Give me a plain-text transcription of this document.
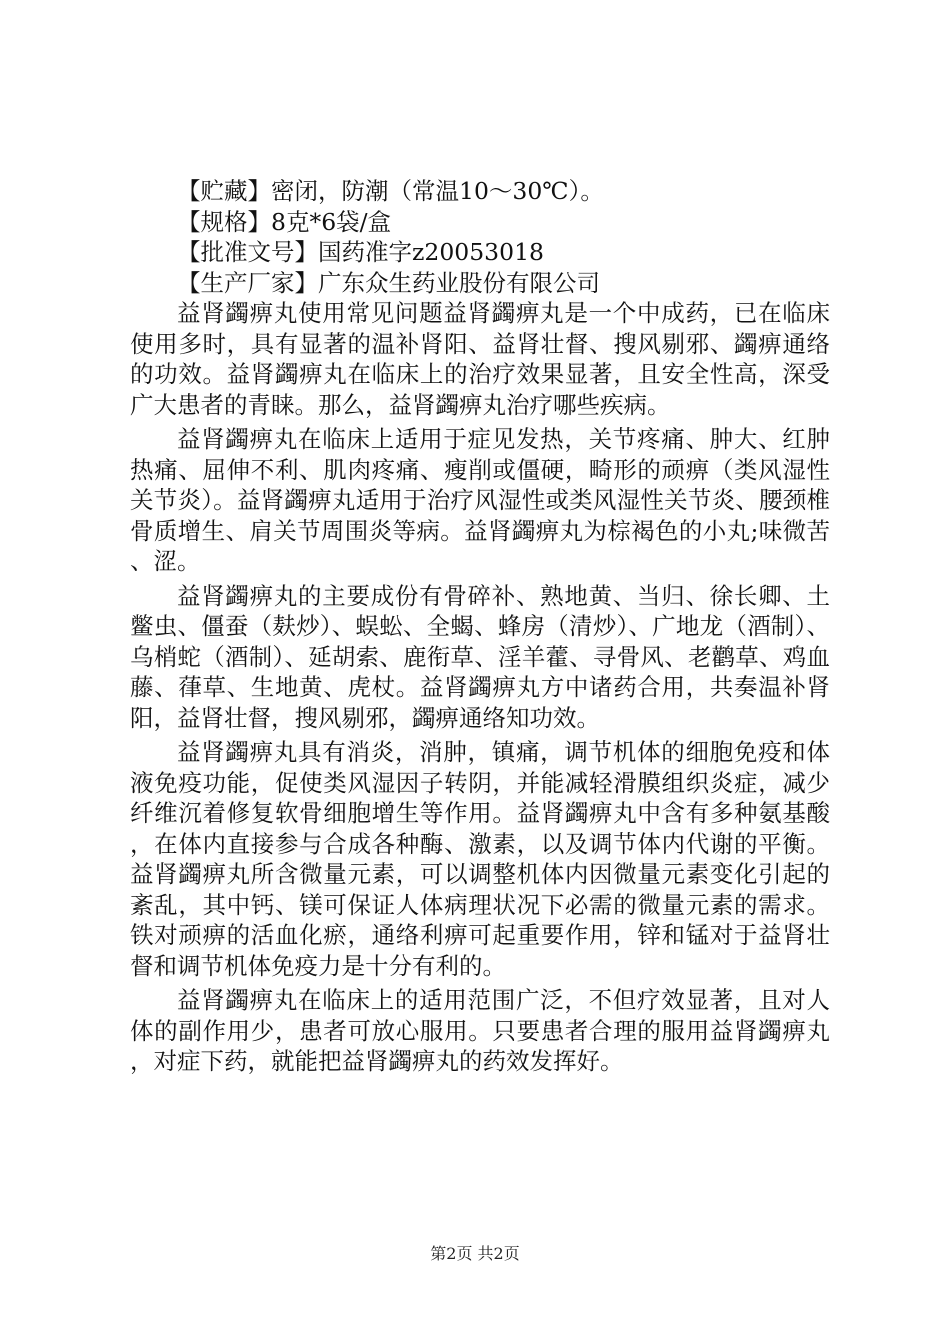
【贮藏】密闭，防潮（常温10～30℃）。

【规格】8克*6袋/盒

【批准文号】国药准字z20053018

【生产厂家】广东众生药业股份有限公司

益肾蠲痹丸使用常见问题益肾蠲痹丸是一个中成药，已在临床使用多时，具有显著的温补肾阳、益肾壮督、搜风剔邪、蠲痹通络的功效。益肾蠲痹丸在临床上的治疗效果显著，且安全性高，深受广大患者的青睐。那么，益肾蠲痹丸治疗哪些疾病。

益肾蠲痹丸在临床上适用于症见发热，关节疼痛、肿大、红肿热痛、屈伸不利、肌肉疼痛、瘦削或僵硬，畸形的顽痹（类风湿性关节炎）。益肾蠲痹丸适用于治疗风湿性或类风湿性关节炎、腰颈椎骨质增生、肩关节周围炎等病。益肾蠲痹丸为棕褐色的小丸;味微苦、涩。

益肾蠲痹丸的主要成份有骨碎补、熟地黄、当归、徐长卿、土鳖虫、僵蚕（麸炒）、蜈蚣、全蝎、蜂房（清炒）、广地龙（酒制）、乌梢蛇（酒制）、延胡索、鹿衔草、淫羊藿、寻骨风、老鹳草、鸡血藤、葎草、生地黄、虎杖。益肾蠲痹丸方中诸药合用，共奏温补肾阳，益肾壮督，搜风剔邪，蠲痹通络知功效。

益肾蠲痹丸具有消炎，消肿，镇痛，调节机体的细胞免疫和体液免疫功能，促使类风湿因子转阴，并能减轻滑膜组织炎症，减少纤维沉着修复软骨细胞增生等作用。益肾蠲痹丸中含有多种氨基酸，在体内直接参与合成各种酶、激素，以及调节体内代谢的平衡。益肾蠲痹丸所含微量元素，可以调整机体内因微量元素变化引起的紊乱，其中钙、镁可保证人体病理状况下必需的微量元素的需求。铁对顽痹的活血化瘀，通络利痹可起重要作用，锌和锰对于益肾壮督和调节机体免疫力是十分有利的。

益肾蠲痹丸在临床上的适用范围广泛，不但疗效显著，且对人体的副作用少，患者可放心服用。只要患者合理的服用益肾蠲痹丸，对症下药，就能把益肾蠲痹丸的药效发挥好。

第2页 共2页
